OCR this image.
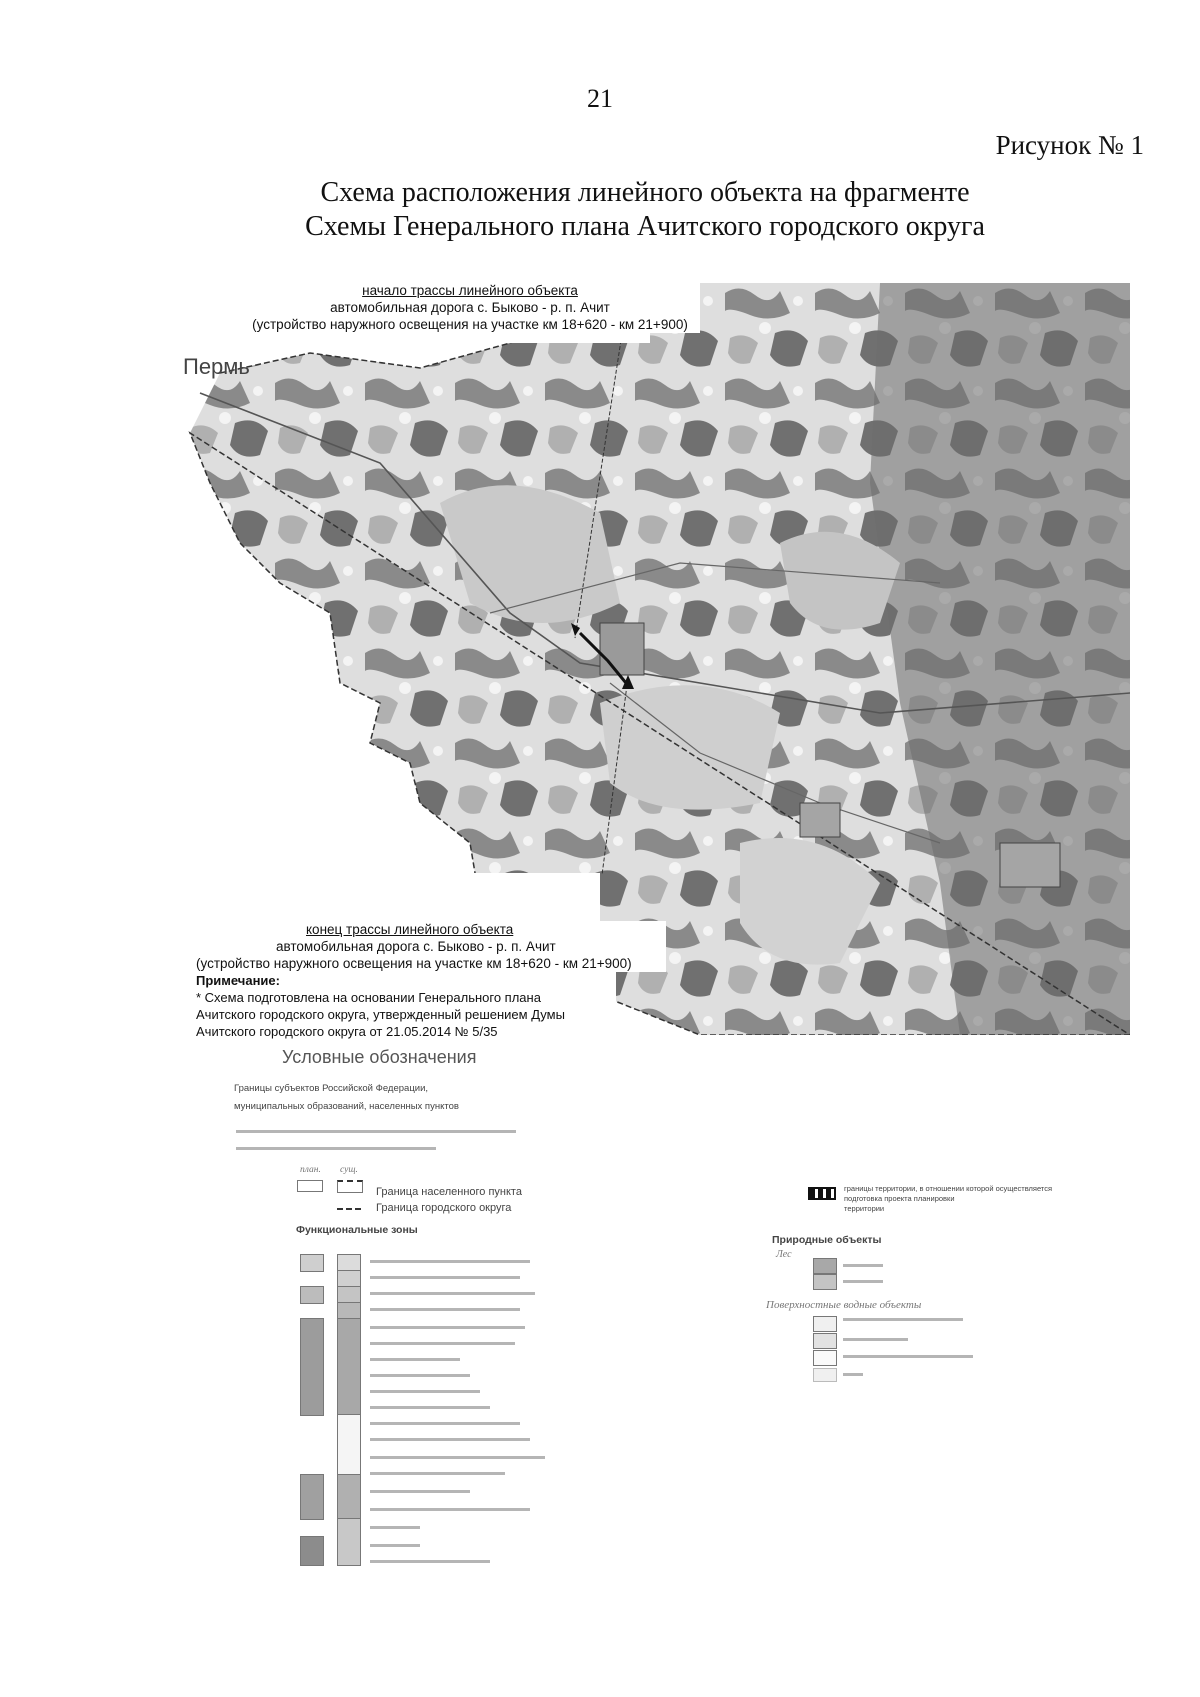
21
Рисунок № 1
Схема расположения линейного объекта на фрагменте
Схемы Генерального плана Ачитского городского округа
Пермь
начало трассы линейного объекта
автомобильная дорога с. Быково - р. п. Ачит
(устройство наружного освещения на участке км 18+620 - км 21+900)
конец трассы линейного объекта
автомобильная дорога с. Быково - р. п. Ачит
(устройство наружного освещения на участке км 18+620 - км 21+900)
Примечание:
* Схема подготовлена на основании Генерального плана
Ачитского городского округа, утвержденный решением Думы
Ачитского городского округа от 21.05.2014 № 5/35
Условные обозначения
Границы субъектов Российской Федерации,
муниципальных образований, населенных пунктов
план. сущ.
Граница населенного пункта
Граница городского округа
Функциональные зоны
границы территории, в отношении которой осуществляется
подготовка проекта планировки
территории
Природные объекты
Лес
Поверхностные водные объекты
